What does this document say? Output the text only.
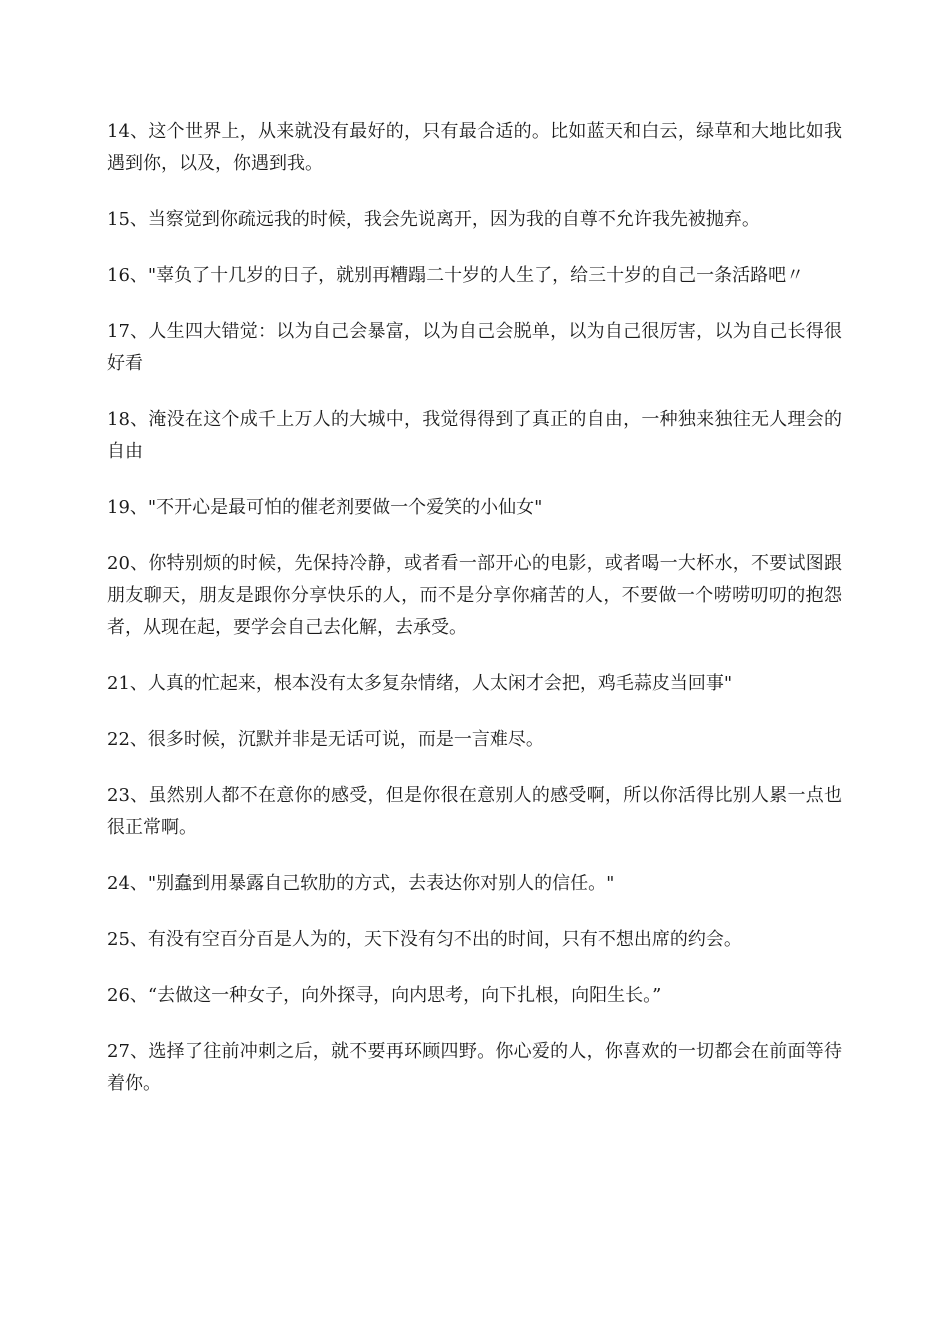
14、这个世界上，从来就没有最好的，只有最合适的。比如蓝天和白云，绿草和大地比如我遇到你，以及，你遇到我。

15、当察觉到你疏远我的时候，我会先说离开，因为我的自尊不允许我先被抛弃。

16、"辜负了十几岁的日子，就别再糟蹋二十岁的人生了，给三十岁的自己一条活路吧〃

17、人生四大错觉：以为自己会暴富，以为自己会脱单，以为自己很厉害，以为自己长得很好看

18、淹没在这个成千上万人的大城中，我觉得得到了真正的自由，一种独来独往无人理会的自由

19、"不开心是最可怕的催老剂要做一个爱笑的小仙女"

20、你特别烦的时候，先保持冷静，或者看一部开心的电影，或者喝一大杯水，不要试图跟朋友聊天，朋友是跟你分享快乐的人，而不是分享你痛苦的人，不要做一个唠唠叨叨的抱怨者，从现在起，要学会自己去化解，去承受。

21、人真的忙起来，根本没有太多复杂情绪，人太闲才会把，鸡毛蒜皮当回事"

22、很多时候，沉默并非是无话可说，而是一言难尽。

23、虽然别人都不在意你的感受，但是你很在意别人的感受啊，所以你活得比别人累一点也很正常啊。

24、"别蠢到用暴露自己软肋的方式，去表达你对别人的信任。"

25、有没有空百分百是人为的，天下没有匀不出的时间，只有不想出席的约会。

26、“去做这一种女子，向外探寻，向内思考，向下扎根，向阳生长。”

27、选择了往前冲刺之后，就不要再环顾四野。你心爱的人，你喜欢的一切都会在前面等待着你。
